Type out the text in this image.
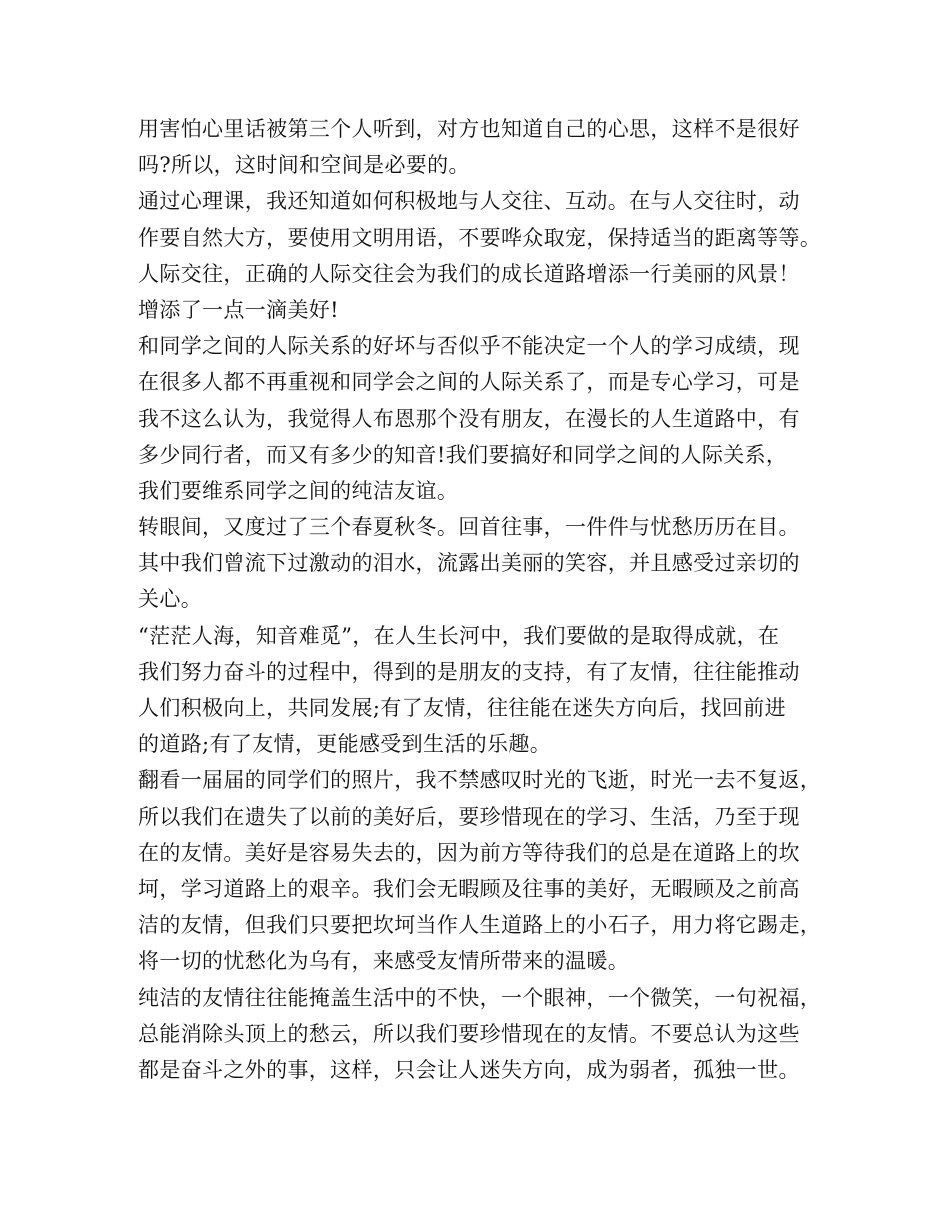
用害怕心里话被第三个人听到，对方也知道自己的心思，这样不是很好
吗?所以，这时间和空间是必要的。
通过心理课，我还知道如何积极地与人交往、互动。在与人交往时，动
作要自然大方，要使用文明用语，不要哗众取宠，保持适当的距离等等。
人际交往，正确的人际交往会为我们的成长道路增添一行美丽的风景！
增添了一点一滴美好!
和同学之间的人际关系的好坏与否似乎不能决定一个人的学习成绩，现
在很多人都不再重视和同学会之间的人际关系了，而是专心学习，可是
我不这么认为，我觉得人布恩那个没有朋友，在漫长的人生道路中，有
多少同行者，而又有多少的知音!我们要搞好和同学之间的人际关系，
我们要维系同学之间的纯洁友谊。
转眼间，又度过了三个春夏秋冬。回首往事，一件件与忧愁历历在目。
其中我们曾流下过激动的泪水，流露出美丽的笑容，并且感受过亲切的
关心。
“茫茫人海，知音难觅”，在人生长河中，我们要做的是取得成就，在
我们努力奋斗的过程中，得到的是朋友的支持，有了友情，往往能推动
人们积极向上，共同发展;有了友情，往往能在迷失方向后，找回前进
的道路;有了友情，更能感受到生活的乐趣。
翻看一届届的同学们的照片，我不禁感叹时光的飞逝，时光一去不复返，
所以我们在遗失了以前的美好后，要珍惜现在的学习、生活，乃至于现
在的友情。美好是容易失去的，因为前方等待我们的总是在道路上的坎
坷，学习道路上的艰辛。我们会无暇顾及往事的美好，无暇顾及之前高
洁的友情，但我们只要把坎坷当作人生道路上的小石子，用力将它踢走，
将一切的忧愁化为乌有，来感受友情所带来的温暖。
纯洁的友情往往能掩盖生活中的不快，一个眼神，一个微笑，一句祝福，
总能消除头顶上的愁云，所以我们要珍惜现在的友情。不要总认为这些
都是奋斗之外的事，这样，只会让人迷失方向，成为弱者，孤独一世。
